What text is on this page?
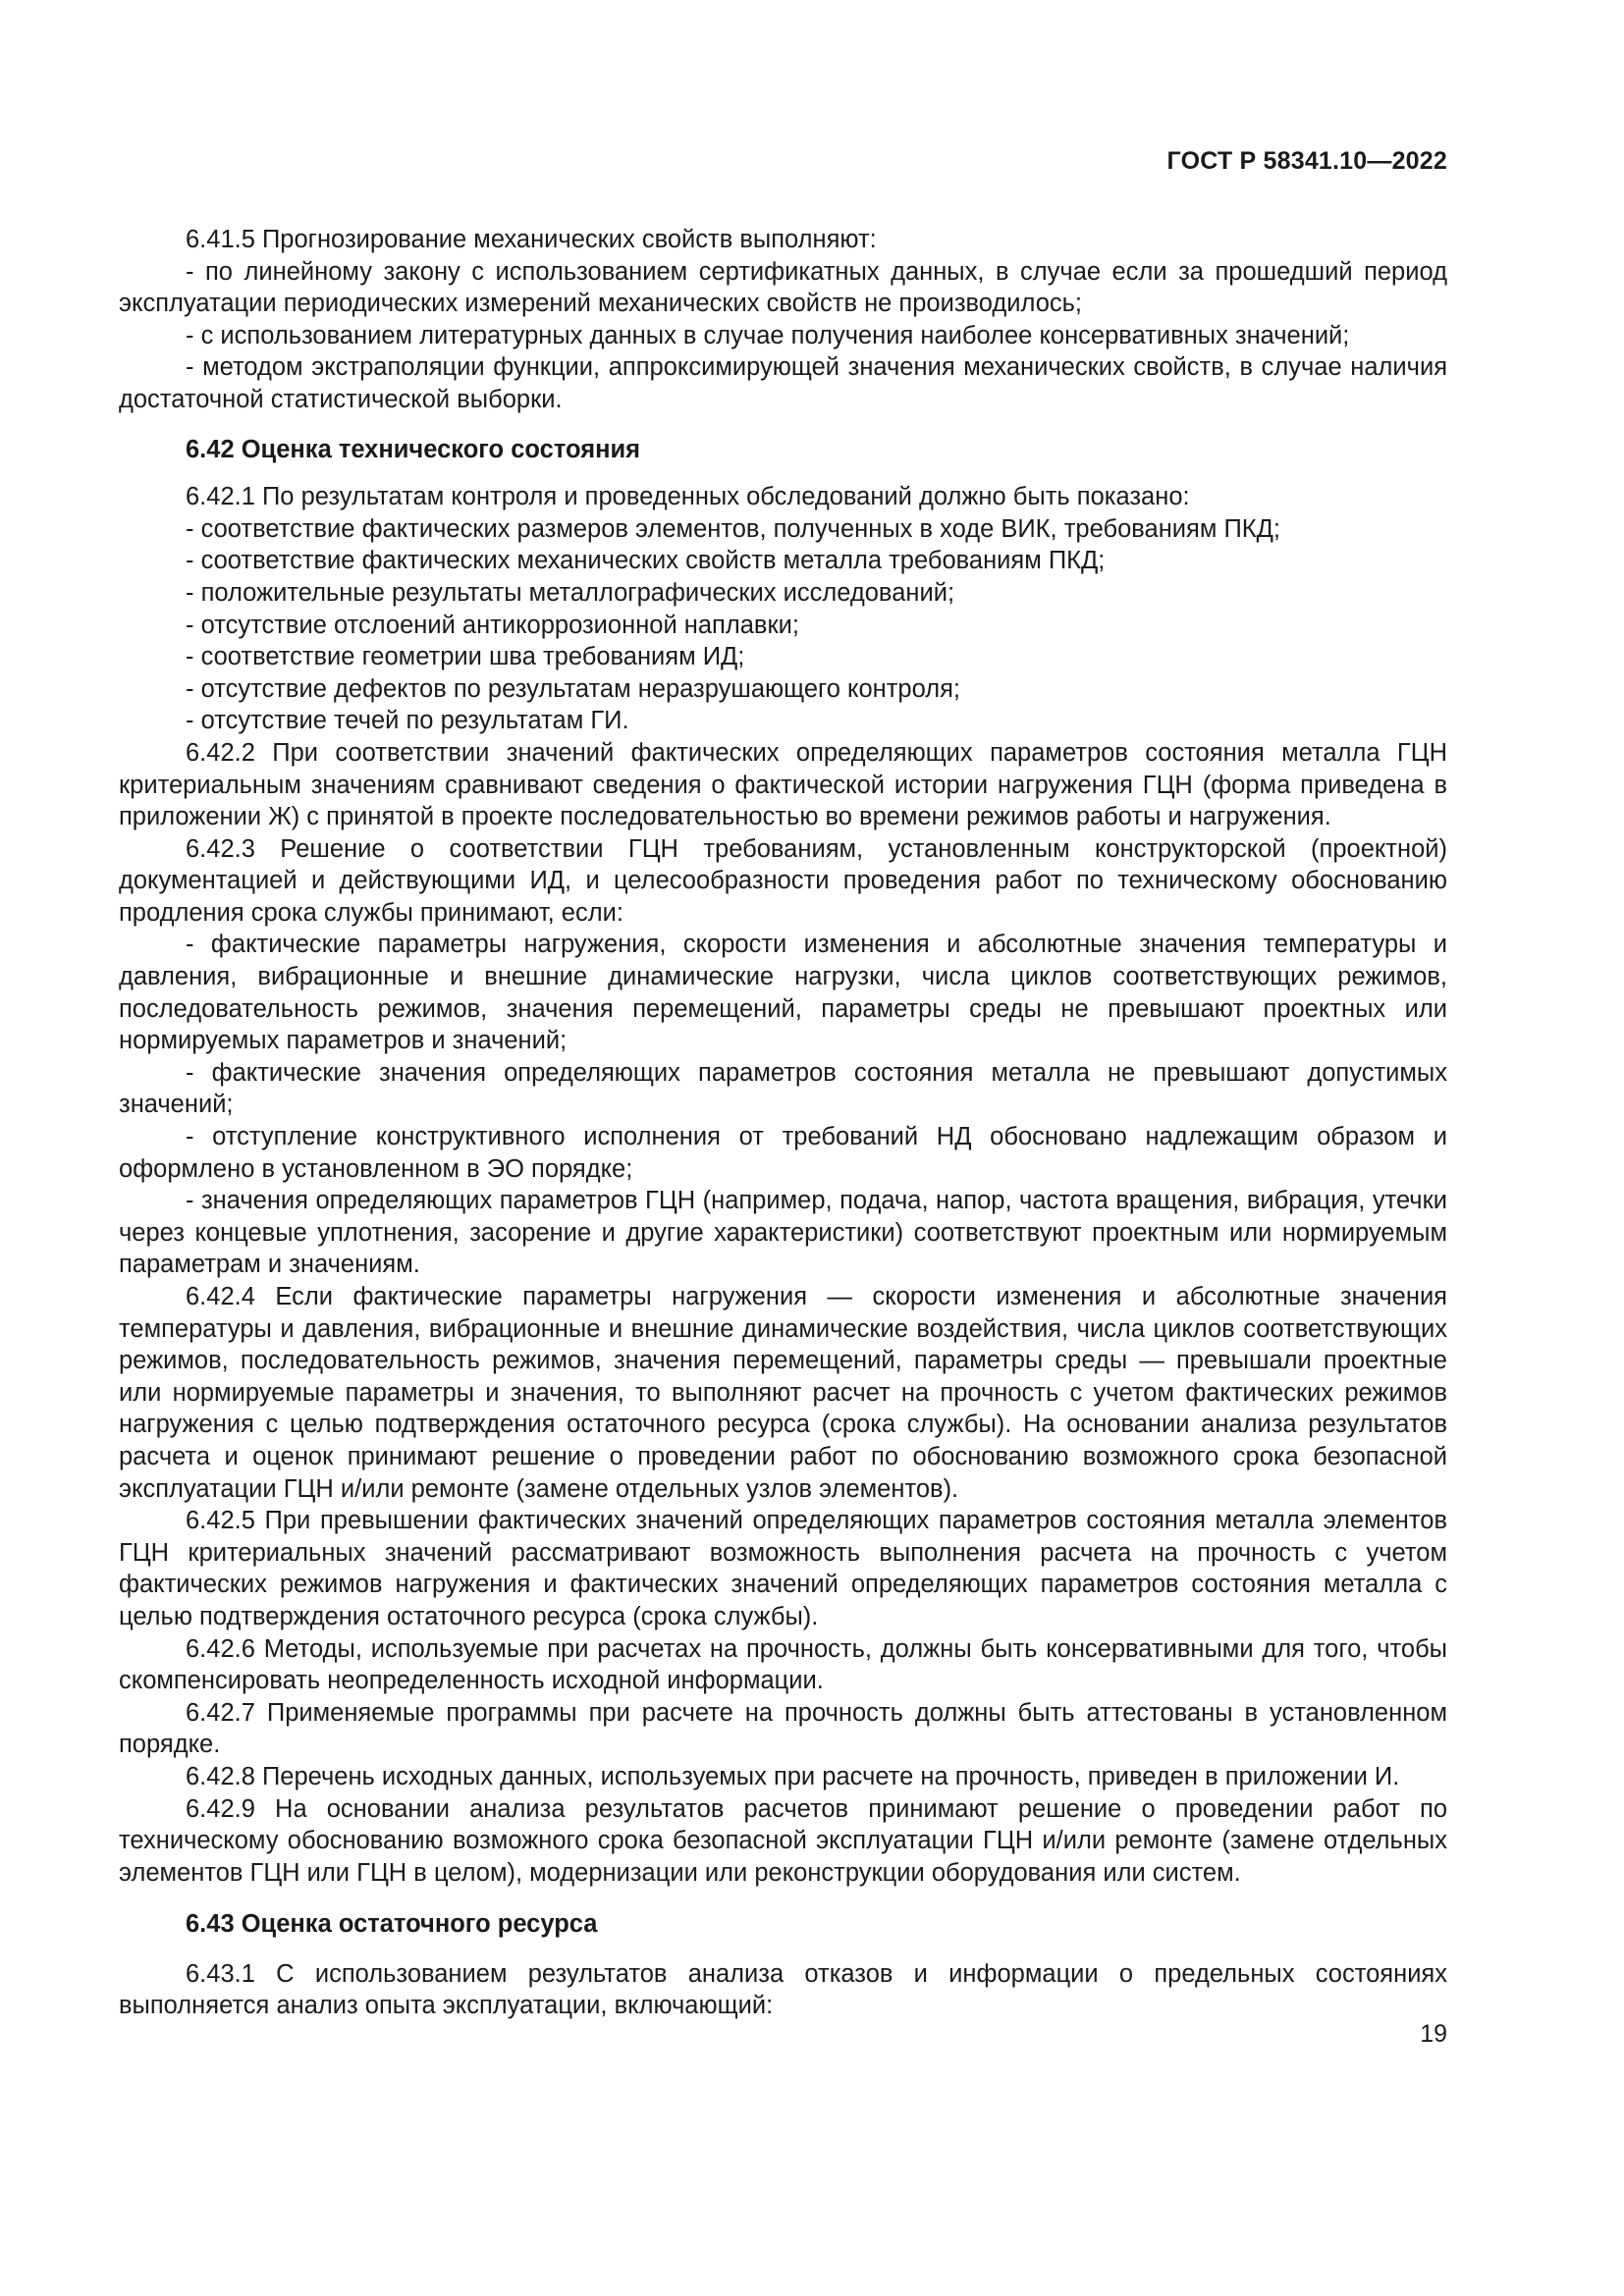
ГОСТ Р 58341.10—2022

6.41.5 Прогнозирование механических свойств выполняют:

- по линейному закону с использованием сертификатных данных, в случае если за прошедший период эксплуатации периодических измерений механических свойств не производилось;

- с использованием литературных данных в случае получения наиболее консервативных значений;

- методом экстраполяции функции, аппроксимирующей значения механических свойств, в случае наличия достаточной статистической выборки.

6.42 Оценка технического состояния

6.42.1 По результатам контроля и проведенных обследований должно быть показано:

- соответствие фактических размеров элементов, полученных в ходе ВИК, требованиям ПКД;

- соответствие фактических механических свойств металла требованиям ПКД;

- положительные результаты металлографических исследований;

- отсутствие отслоений антикоррозионной наплавки;

- соответствие геометрии шва требованиям ИД;

- отсутствие дефектов по результатам неразрушающего контроля;

- отсутствие течей по результатам ГИ.

6.42.2 При соответствии значений фактических определяющих параметров состояния металла ГЦН критериальным значениям сравнивают сведения о фактической истории нагружения ГЦН (форма приведена в приложении Ж) с принятой в проекте последовательностью во времени режимов работы и нагружения.

6.42.3 Решение о соответствии ГЦН требованиям, установленным конструкторской (проектной) документацией и действующими ИД, и целесообразности проведения работ по техническому обоснованию продления срока службы принимают, если:

- фактические параметры нагружения, скорости изменения и абсолютные значения температуры и давления, вибрационные и внешние динамические нагрузки, числа циклов соответствующих режимов, последовательность режимов, значения перемещений, параметры среды не превышают проектных или нормируемых параметров и значений;

- фактические значения определяющих параметров состояния металла не превышают допустимых значений;

- отступление конструктивного исполнения от требований НД обосновано надлежащим образом и оформлено в установленном в ЭО порядке;

- значения определяющих параметров ГЦН (например, подача, напор, частота вращения, вибрация, утечки через концевые уплотнения, засорение и другие характеристики) соответствуют проектным или нормируемым параметрам и значениям.

6.42.4 Если фактические параметры нагружения — скорости изменения и абсолютные значения температуры и давления, вибрационные и внешние динамические воздействия, числа циклов соответствующих режимов, последовательность режимов, значения перемещений, параметры среды — превышали проектные или нормируемые параметры и значения, то выполняют расчет на прочность с учетом фактических режимов нагружения с целью подтверждения остаточного ресурса (срока службы). На основании анализа результатов расчета и оценок принимают решение о проведении работ по обоснованию возможного срока безопасной эксплуатации ГЦН и/или ремонте (замене отдельных узлов элементов).

6.42.5 При превышении фактических значений определяющих параметров состояния металла элементов ГЦН критериальных значений рассматривают возможность выполнения расчета на прочность с учетом фактических режимов нагружения и фактических значений определяющих параметров состояния металла с целью подтверждения остаточного ресурса (срока службы).

6.42.6 Методы, используемые при расчетах на прочность, должны быть консервативными для того, чтобы скомпенсировать неопределенность исходной информации.

6.42.7 Применяемые программы при расчете на прочность должны быть аттестованы в установленном порядке.

6.42.8 Перечень исходных данных, используемых при расчете на прочность, приведен в приложении И.

6.42.9 На основании анализа результатов расчетов принимают решение о проведении работ по техническому обоснованию возможного срока безопасной эксплуатации ГЦН и/или ремонте (замене отдельных элементов ГЦН или ГЦН в целом), модернизации или реконструкции оборудования или систем.

6.43 Оценка остаточного ресурса

6.43.1 С использованием результатов анализа отказов и информации о предельных состояниях выполняется анализ опыта эксплуатации, включающий:

19
